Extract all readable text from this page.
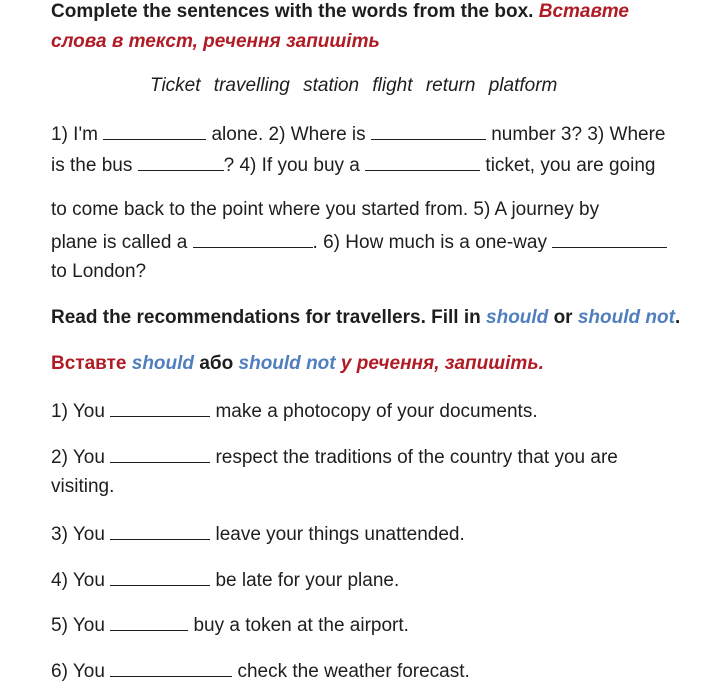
Complete the sentences with the words from the box. Вставте
слова в текст, речення запишіть
Ticket travelling station flight return platform
1) I'm	alone. 2) Where is	number 3? 3) Where
is the bus	? 4) If you buy a	ticket, you are going
to come back to the point where you started from. 5) A journey by
plane is called a	. 6) How much is a one-way
to London?
Read the recommendations for travellers. Fill in should or should not.
Вставте should або should not у речення, запишіть.
1) You	make a photocopy of your documents.
2) You	respect the traditions of the country that you are
visiting.
3) You	leave your things unattended.
4) You	be late for your plane.
5) You	buy a token at the airport.
6) You	check the weather forecast.
